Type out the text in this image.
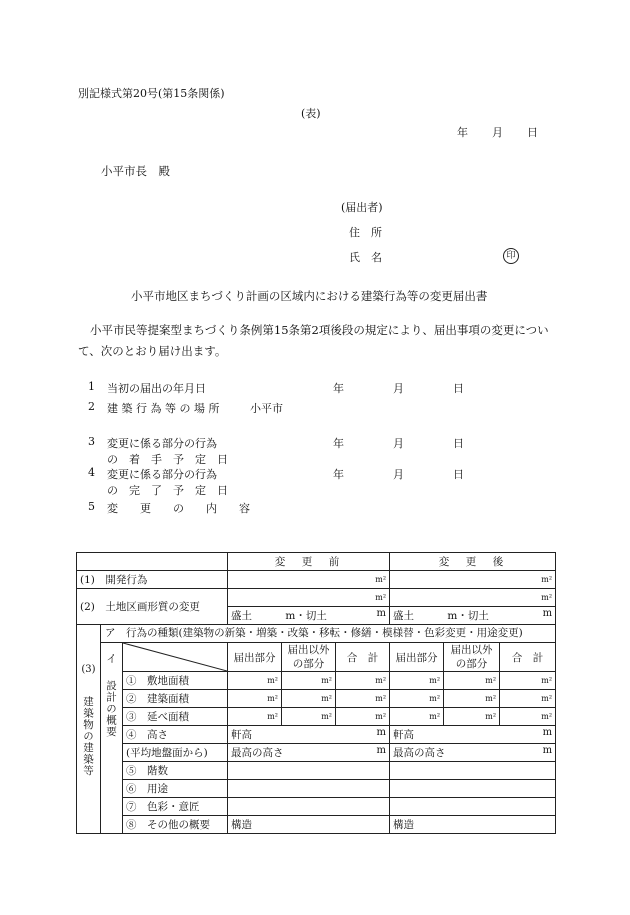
別記様式第20号(第15条関係)
(表)
年 月 日
小平市長　殿
(届出者)
住　所
氏　名	印
小平市地区まちづくり計画の区域内における建築行為等の変更届出書
小平市民等提案型まちづくり条例第15条第2項後段の規定により、届出事項の変更について、次のとおり届け出ます。
1 当初の届出の年月日	年	月	日
2 建 築 行 為 等 の 場 所	小平市
3 変更に係る部分の行為
の　着　手　予　定　日
年	月	日
4 変更に係る部分の行為
の　完　了　予　定　日
年	月	日
5 変　　更　　の　　内　　容
			変　更　前			変　更　後		
(1)　開発行為			m²			m²		

(2)　土地区画形質の変更			m²			m²		

			盛土 m・切土 m			盛土 m・切土 m		

(3)
建築物の建築等	ア　行為の種類(建築物の新築・増築・改築・移転・修繕・模様替・色彩変更・用途変更)							

	イ
設計の概要		届出部分	届出以外の部分	合　計	届出部分	届出以外の部分	合　計

		①　敷地面積	m²	m²	m²	m²	m²	m²

		②　建築面積	m²	m²	m²	m²	m²	m²

		③　延べ面積	m²	m²	m²	m²	m²	m²

		④　高さ	軒高 m			軒高 m		

		(平均地盤面から)	最高の高さ m			最高の高さ m		

		⑤　階数						
		⑥　用途						
		⑦　色彩・意匠						
		⑧　その他の概要	構造			構造		
